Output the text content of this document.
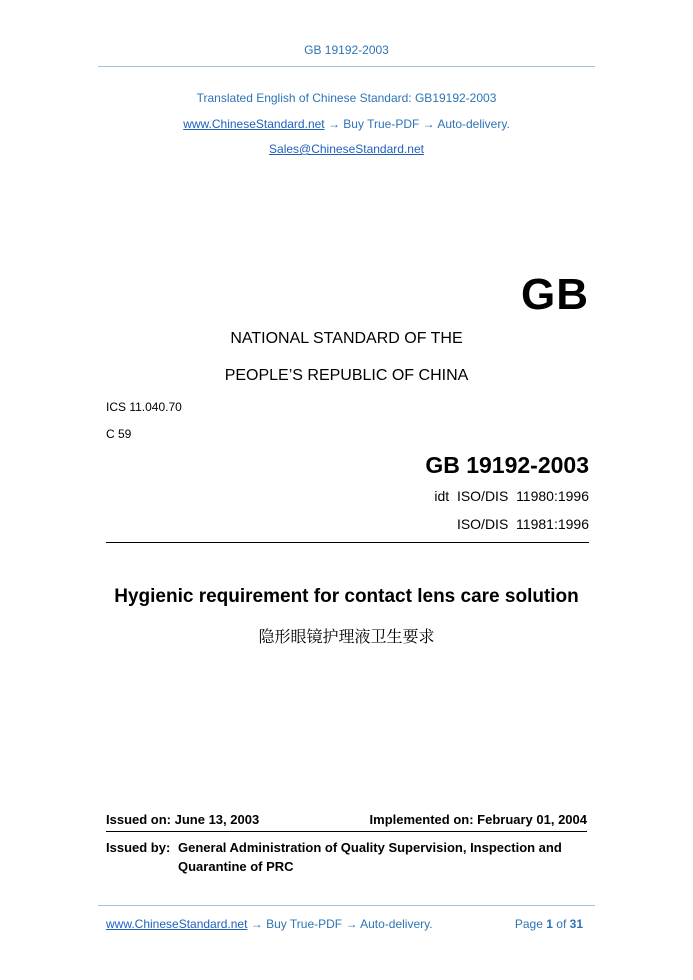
GB 19192-2003
Translated English of Chinese Standard: GB19192-2003
www.ChineseStandard.net → Buy True-PDF → Auto-delivery.
Sales@ChineseStandard.net
GB
NATIONAL STANDARD OF THE
PEOPLE’S REPUBLIC OF CHINA
ICS 11.040.70
C 59
GB 19192-2003
idt  ISO/DIS  11980:1996
ISO/DIS  11981:1996
Hygienic requirement for contact lens care solution
隐形眼镜护理液卫生要求
Issued on: June 13, 2003	Implemented on: February 01, 2004
Issued by: General Administration of Quality Supervision, Inspection and
Quarantine of PRC
www.ChineseStandard.net → Buy True-PDF → Auto-delivery.	Page 1 of 31
